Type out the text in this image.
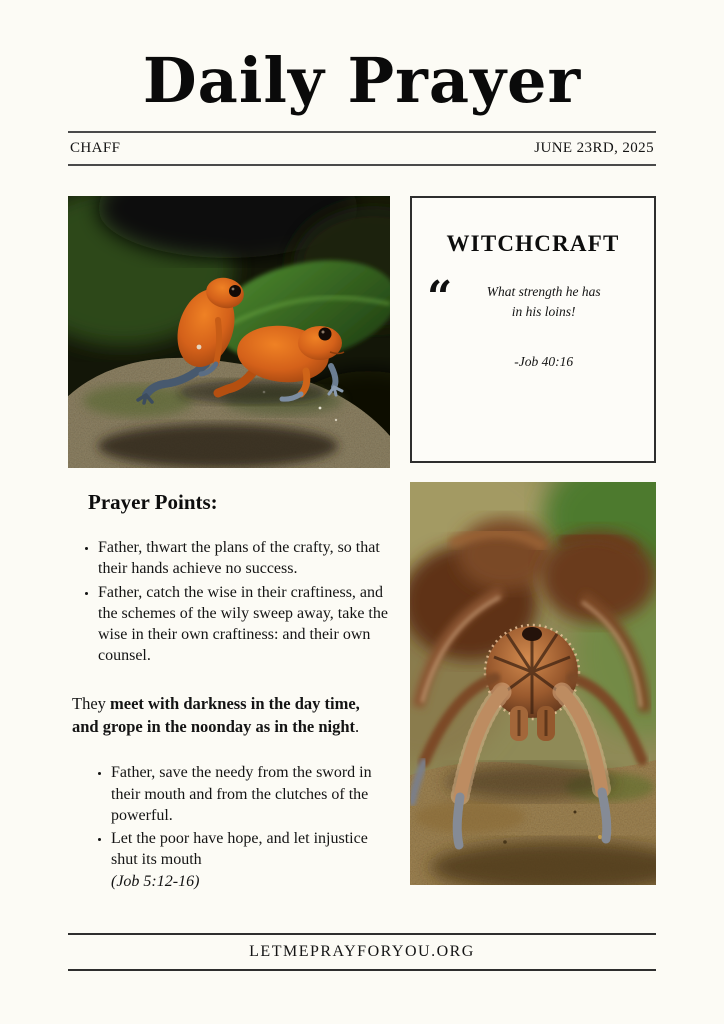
Daily Prayer
CHAFF	JUNE 23RD, 2025
WITCHCRAFT
“	What strength he has
in his loins!
-Job 40:16
Prayer Points:
• Father, thwart the plans of the crafty, so that their hands achieve no success.
• Father, catch the wise in their craftiness, and the schemes of the wily sweep away, take the wise in their own craftiness: and their own counsel.

They meet with darkness in the day time, and grope in the noonday as in the night.

• Father, save the needy from the sword in their mouth and from the clutches of the powerful.
• Let the poor have hope, and let injustice shut its mouth
(Job 5:12-16)
LETMEPRAYFORYOU.ORG
